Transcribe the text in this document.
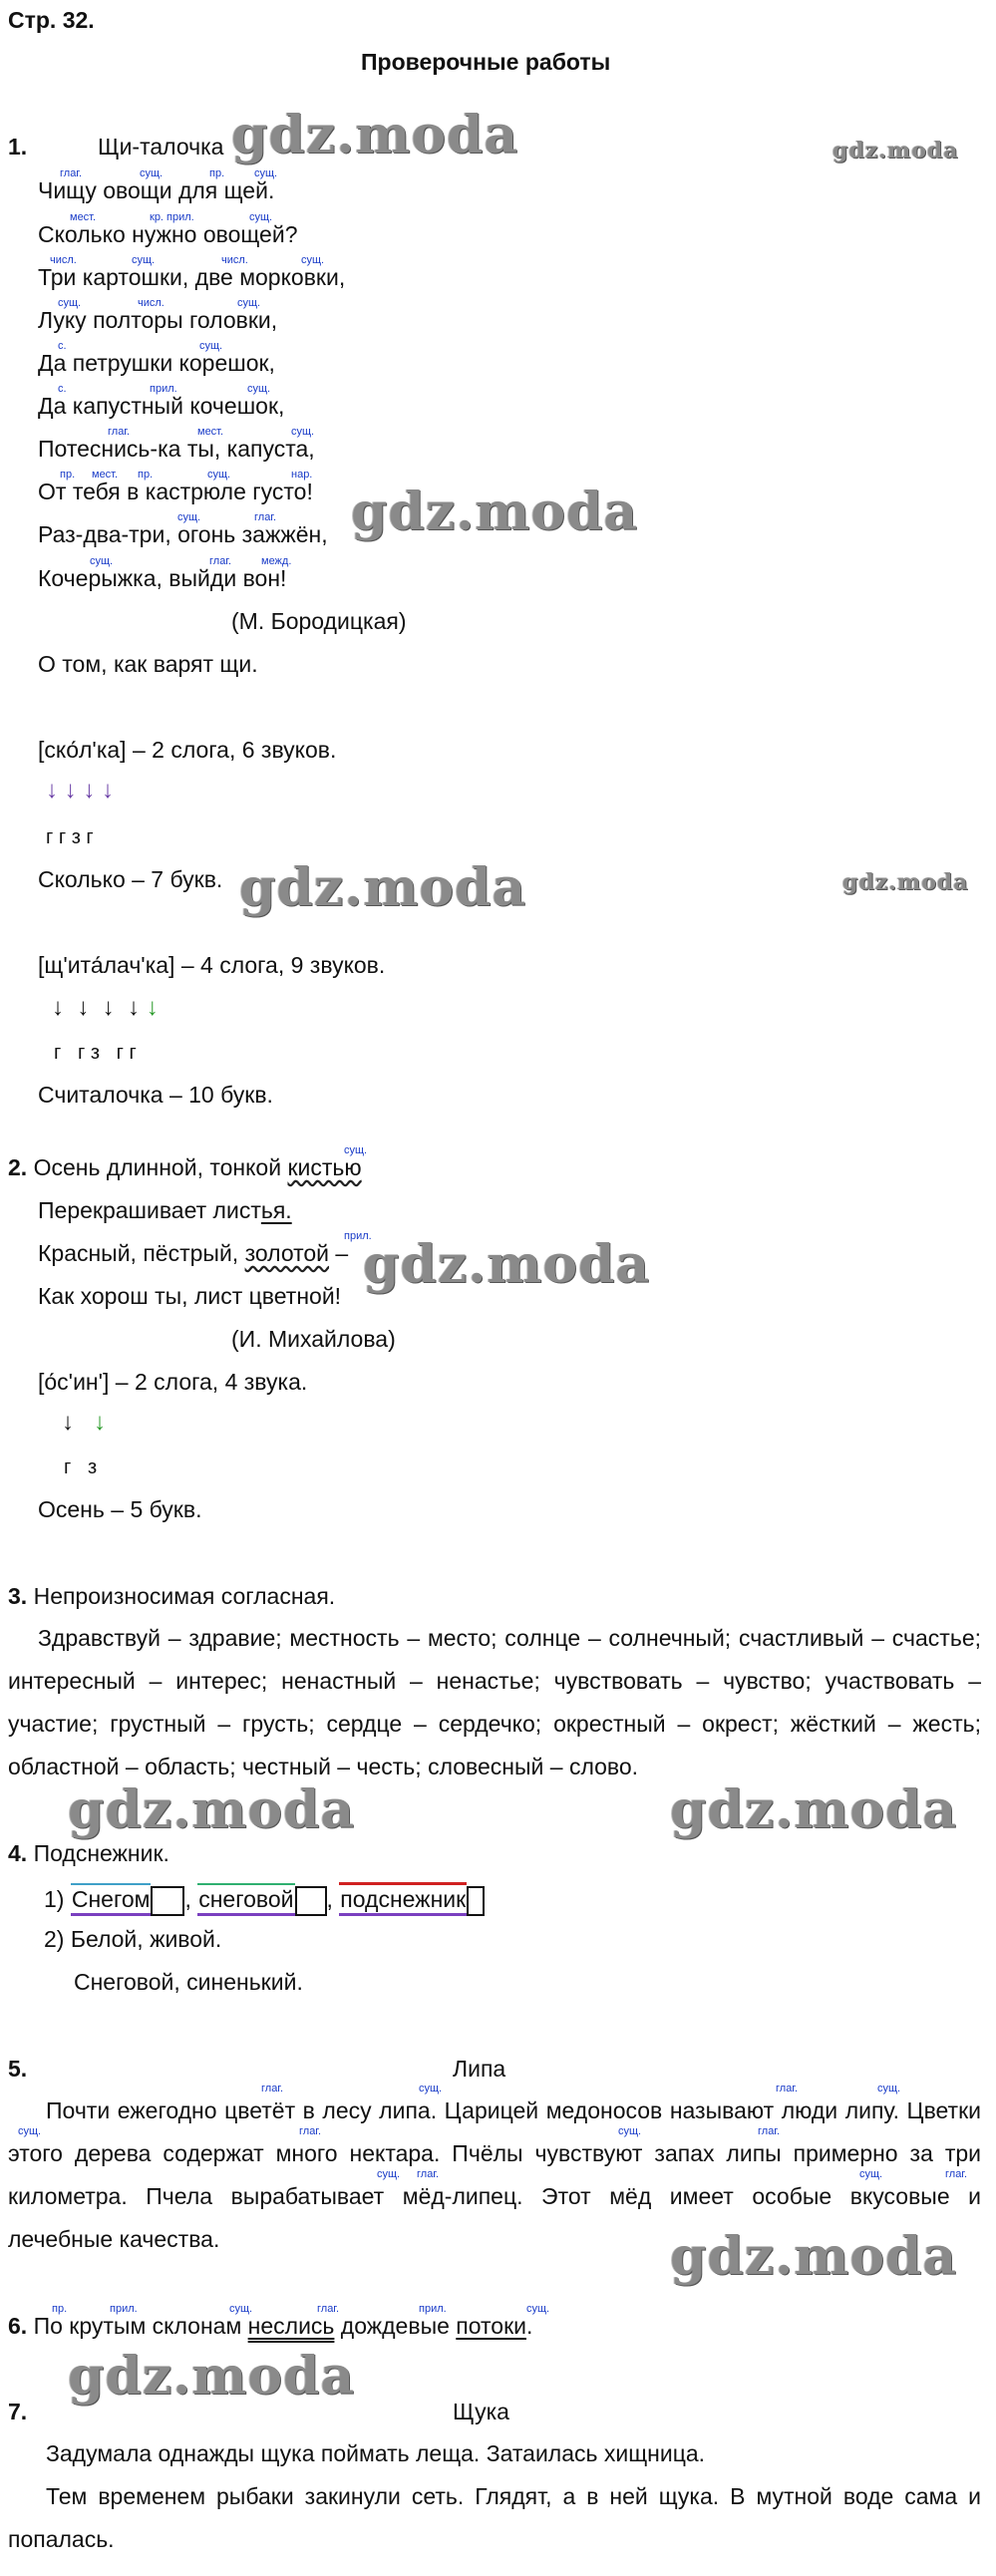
Стр. 32.
Проверочные работы
gdz.moda	gdz.moda
gdz.moda
gdz.moda	gdz.moda
gdz.moda
gdz.moda	gdz.moda
gdz.moda
gdz.moda
1.	Щи-талочка
глаг.	сущ.	пр.	сущ.
Чищу овощи для щей.
мест.	кр. прил.	сущ.
Сколько нужно овощей?
числ.	сущ.	числ.	сущ.
Три картошки, две морковки,
сущ.	числ.	сущ.
Луку полторы головки,
с.	сущ.
Да петрушки корешок,
с.	прил.	сущ.
Да капустный кочешок,
глаг.	мест.	сущ.
Потеснись-ка ты, капуста,
пр. мест. пр.	сущ.	нар.
От тебя в кастрюле густо!
сущ.	глаг.
Раз-два-три, огонь зажжён,
сущ.	глаг.	межд.
Кочерыжка, выйди вон!
(М. Бородицкая)
О том, как варят щи.
[ско́л'ка] – 2 слога, 6 звуков.
↓ ↓ ↓ ↓
г г з г
Сколько – 7 букв.
[щ'ита́лач'ка] – 4 слога, 9 звуков.
↓  ↓  ↓  ↓ ↓
г   г з   г г
Считалочка – 10 букв.
сущ.
2. Осень длинной, тонкой кистью
Перекрашивает листья.
прил.
Красный, пёстрый, золотой –
Как хорош ты, лист цветной!
(И. Михайлова)
[о́с'ин'] – 2 слога, 4 звука.
↓   ↓
г   з
Осень – 5 букв.
3. Непроизносимая согласная.
Здравствуй – здравие; местность – место; солнце – солнечный; счастливый – счастье; интересный – интерес; ненастный – ненастье; чувствовать – чувство; участвовать – участие; грустный – грусть; сердце – сердечко; окрестный – окрест; жёсткий – жесть; областной – область; честный – честь; словесный – слово.
4. Подснежник.
1) Снегом , снеговой , подснежник
2) Белой, живой.
Снеговой, синенький.
5.	Липа
глаг.	сущ.	глаг.	сущ.
сущ.	глаг.	сущ.	глаг.
сущ. глаг.	сущ.	глаг.
Почти ежегодно цветёт в лесу липа. Царицей медоносов называют люди липу. Цветки этого дерева содержат много нектара. Пчёлы чувствуют запах липы примерно за три километра. Пчела вырабатывает мёд-липец. Этот мёд имеет особые вкусовые и лечебные качества.
пр.	прил.	сущ.	глаг.	прил.	сущ.
6. По крутым склонам неслись дождевые потоки.
7.	Щука
Задумала однажды щука поймать леща. Затаилась хищница.
Тем временем рыбаки закинули сеть. Глядят, а в ней щука. В мутной воде сама и попалась.
